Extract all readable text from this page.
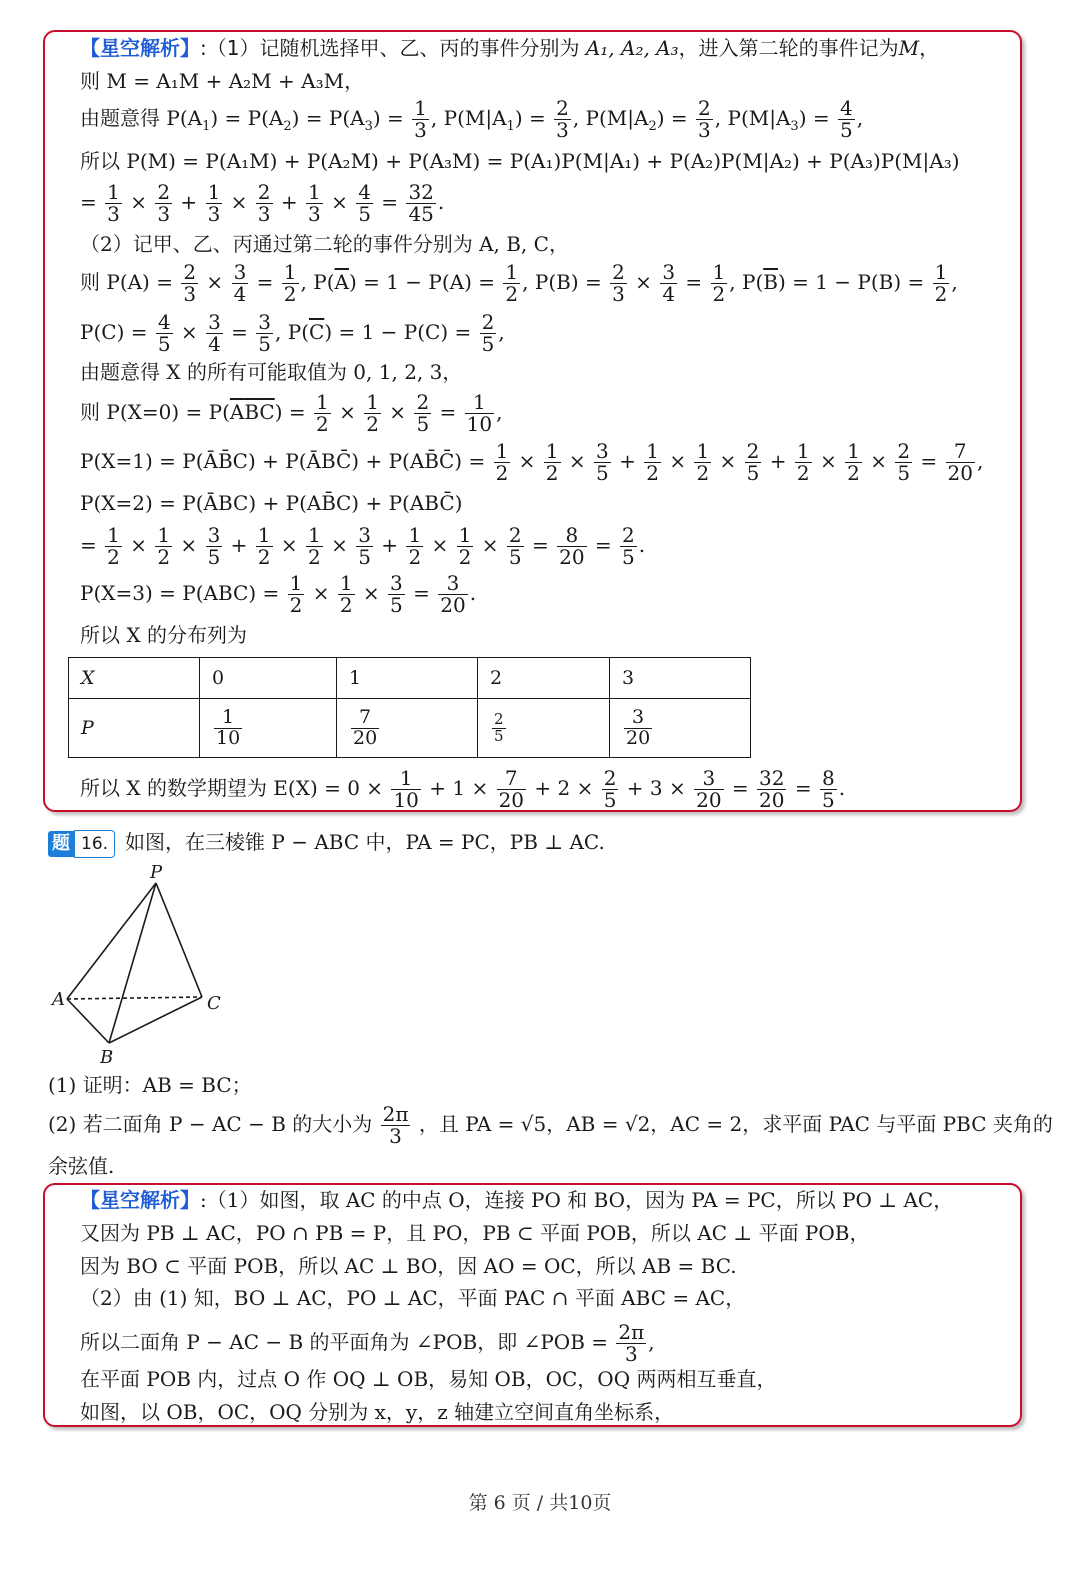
【星空解析】:（1）记随机选择甲、乙、丙的事件分别为 A₁, A₂, A₃，进入第二轮的事件记为M，
则 M = A₁M + A₂M + A₃M，
由题意得 $P(A_1) = P(A_2) = P(A_3) = \frac{1}{3}$ , $P(M|A_1) = \frac{2}{3}$ , $P(M|A_2) = \frac{2}{3}$ , $P(M|A_3) = \frac{4}{5}$ ,
所以 P(M) = P(A₁M) + P(A₂M) + P(A₃M) = P(A₁)P(M|A₁) + P(A₂)P(M|A₂) + P(A₃)P(M|A₃)
= $\frac{1}{3} \times \frac{2}{3} + \frac{1}{3} \times \frac{2}{3} + \frac{1}{3} \times \frac{4}{5} = \frac{32}{45}$ .
（2）记甲、乙、丙通过第二轮的事件分别为 A, B, C，
则 $P(A) = \frac{2}{3} \times \frac{3}{4} = \frac{1}{2}$ , $P(\overline{A}) = 1 - P(A) = \frac{1}{2}$ , $P(B) = \frac{2}{3} \times \frac{3}{4} = \frac{1}{2}$ , $P(\overline{B}) = 1 - P(B) = \frac{1}{2}$ ,
$P(C) = \frac{4}{5} \times \frac{3}{4} = \frac{3}{5}$ , $P(\overline{C}) = 1 - P(C) = \frac{2}{5}$ ,
由题意得 X 的所有可能取值为 0, 1, 2, 3，
则 $P(X=0) = P(\overline{A}\overline{B}\overline{C}) = \frac{1}{2} \times \frac{1}{2} \times \frac{2}{5} = \frac{1}{10}$ ,
P(X=1) = P(ĀB̄C) + P(ĀBC̄) + P(AB̄C̄) = $\frac{1}{2} \times \frac{1}{2} \times \frac{3}{5} + \frac{1}{2} \times \frac{1}{2} \times \frac{2}{5} + \frac{1}{2} \times \frac{1}{2} \times \frac{2}{5} = \frac{7}{20}$ ,
P(X=2) = P(ĀBC) + P(AB̄C) + P(ABC̄)
= $\frac{1}{2} \times \frac{1}{2} \times \frac{3}{5} + \frac{1}{2} \times \frac{1}{2} \times \frac{3}{5} + \frac{1}{2} \times \frac{1}{2} \times \frac{2}{5} = \frac{8}{20} = \frac{2}{5}$ .
$P(X=3) = P(ABC) = \frac{1}{2} \times \frac{1}{2} \times \frac{3}{5} = \frac{3}{20}$ .
所以 X 的分布列为
X	0	1	2	3
P	$\frac{1}{10}$	$\frac{7}{20}$	$\frac{2}{5}$	$\frac{3}{20}$
所以 X 的数学期望为 $E(X) = 0 \times \frac{1}{10} + 1 \times \frac{7}{20} + 2 \times \frac{2}{5} + 3 \times \frac{3}{20} = \frac{32}{20} = \frac{8}{5}$ .
题 16. 如图，在三棱锥 P − ABC 中，PA = PC，PB ⊥ AC.
P
A	C
B
(1) 证明：AB = BC；
(2) 若二面角 P − AC − B 的大小为 $\frac{2\pi}{3}$ ，且 PA = √5，AB = √2，AC = 2，求平面 PAC 与平面 PBC 夹角的
余弦值.
【星空解析】:（1）如图，取 AC 的中点 O，连接 PO 和 BO，因为 PA = PC，所以 PO ⊥ AC，
又因为 PB ⊥ AC，PO ∩ PB = P，且 PO，PB ⊂ 平面 POB，所以 AC ⊥ 平面 POB，
因为 BO ⊂ 平面 POB，所以 AC ⊥ BO，因 AO = OC，所以 AB = BC.
（2）由 (1) 知，BO ⊥ AC，PO ⊥ AC，平面 PAC ∩ 平面 ABC = AC，
所以二面角 P − AC − B 的平面角为 ∠POB，即 ∠POB = $\frac{2\pi}{3}$ ,
在平面 POB 内，过点 O 作 OQ ⊥ OB，易知 OB，OC，OQ 两两相互垂直，
如图，以 OB，OC，OQ 分别为 x，y，z 轴建立空间直角坐标系，
第 6 页 / 共10页
